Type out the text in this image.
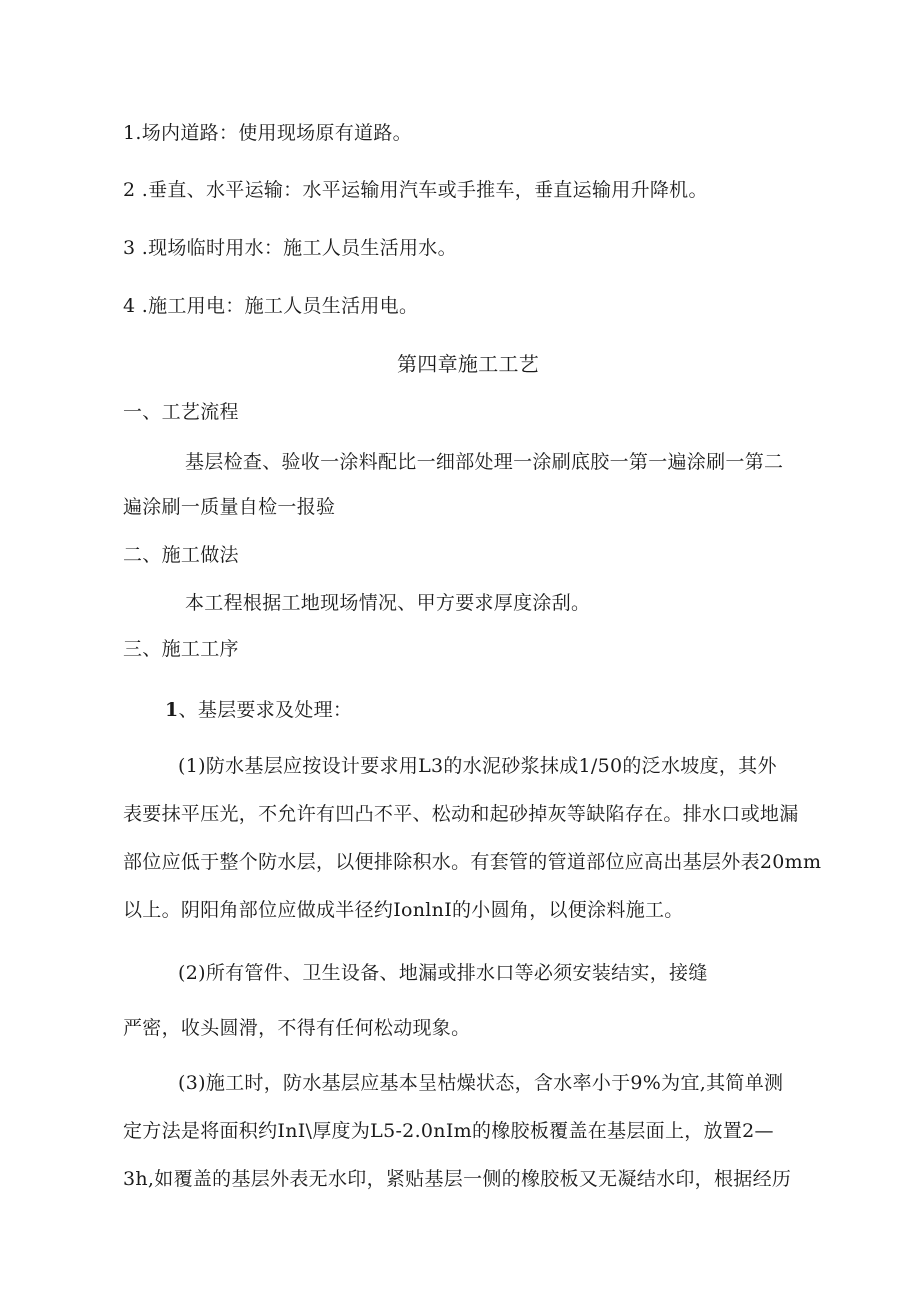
1.场内道路：使用现场原有道路。
2 .垂直、水平运输：水平运输用汽车或手推车，垂直运输用升降机。
3 .现场临时用水：施工人员生活用水。
4 .施工用电：施工人员生活用电。
第四章施工工艺
一、工艺流程
基层检查、验收一涂料配比一细部处理一涂刷底胶一第一遍涂刷一第二
遍涂刷一质量自检一报验
二、施工做法
本工程根据工地现场情况、甲方要求厚度涂刮。
三、施工工序
1、基层要求及处理：
(1)防水基层应按设计要求用L3的水泥砂浆抹成1/50的泛水坡度，其外
表要抹平压光，不允许有凹凸不平、松动和起砂掉灰等缺陷存在。排水口或地漏
部位应低于整个防水层，以便排除积水。有套管的管道部位应高出基层外表20mm
以上。阴阳角部位应做成半径约IonlnI的小圆角，以便涂料施工。
(2)所有管件、卫生设备、地漏或排水口等必须安装结实，接缝
严密，收头圆滑，不得有任何松动现象。
(3)施工时，防水基层应基本呈枯燥状态，含水率小于9%为宜,其简单测
定方法是将面积约InI\厚度为L5-2.0nIm的橡胶板覆盖在基层面上，放置2—
3h,如覆盖的基层外表无水印，紧贴基层一侧的橡胶板又无凝结水印，根据经历
